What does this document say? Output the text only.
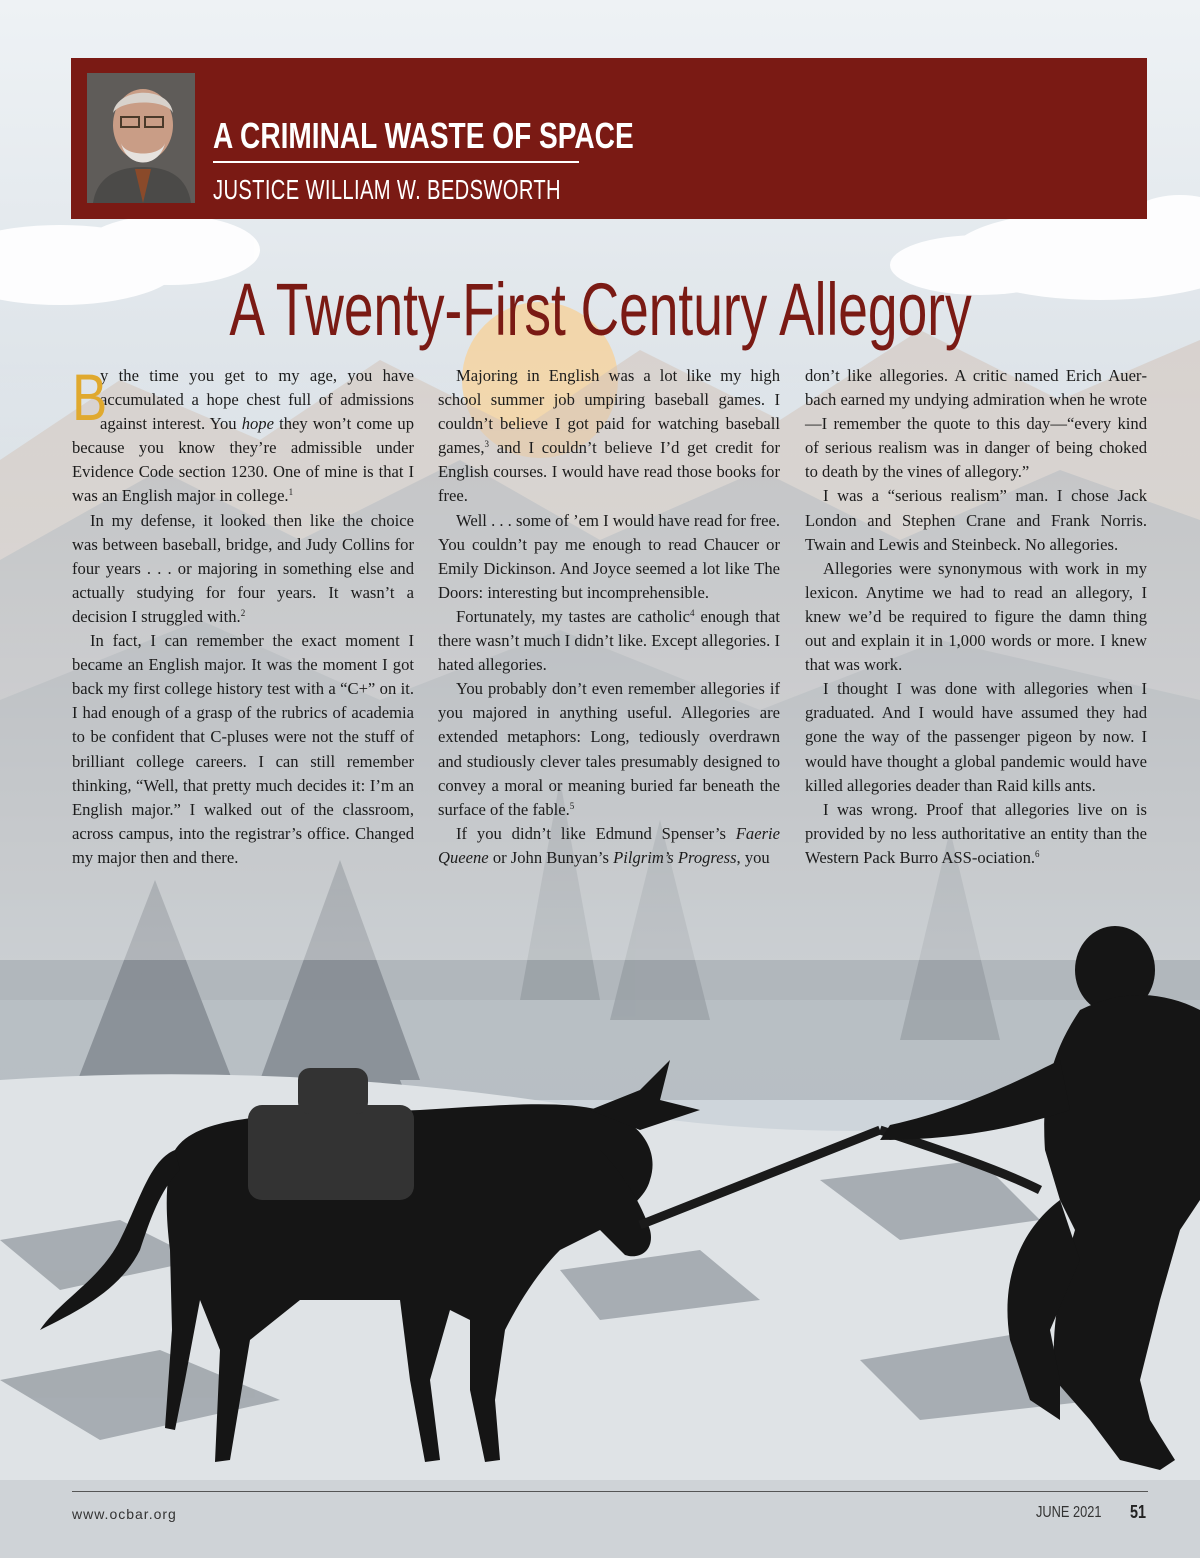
A CRIMINAL WASTE OF SPACE
JUSTICE WILLIAM W. BEDSWORTH
A Twenty-First Century Allegory

B
y the time you get to my age, you have accumulated a hope chest full of admissions against interest. You hope they won’t come up because you know they’re admissible under Evidence Code section 1230. One of mine is that I was an English major in college.$^1$

In my defense, it looked then like the choice was between baseball, bridge, and Judy Collins for four years . . . or majoring in something else and actually studying for four years. It wasn’t a decision I struggled with.$^2$

In fact, I can remember the exact moment I became an English major. It was the moment I got back my first college history test with a “C+” on it. I had enough of a grasp of the rubrics of academia to be confident that C-pluses were not the stuff of brilliant college careers. I can still remember thinking, “Well, that pretty much decides it: I’m an English major.” I walked out of the classroom, across campus, into the registrar’s office. Changed my major then and there.

Majoring in English was a lot like my high school summer job umpiring baseball games. I couldn’t believe I got paid for watching baseball games,$^3$ and I couldn’t believe I’d get credit for English courses. I would have read those books for free.

Well . . . some of ’em I would have read for free. You couldn’t pay me enough to read Chaucer or Emily Dickinson. And Joyce seemed a lot like The Doors: interesting but incomprehensible.

Fortunately, my tastes are catholic$^4$ enough that there wasn’t much I didn’t like. Except allegories. I hated allegories.

You probably don’t even remember allegories if you majored in anything useful. Allegories are extended metaphors: Long, tediously overdrawn and studiously clever tales presumably designed to convey a moral or meaning buried far beneath the surface of the fable.$^5$

If you didn’t like Edmund Spenser’s Faerie Queene or John Bunyan’s Pilgrim’s Progress, you

don’t like allegories. A critic named Erich Auerbach earned my undying admiration when he wrote—I remember the quote to this day—“every kind of serious realism was in danger of being choked to death by the vines of allegory.”

I was a “serious realism” man. I chose Jack London and Stephen Crane and Frank Norris. Twain and Lewis and Steinbeck. No allegories.

Allegories were synonymous with work in my lexicon. Anytime we had to read an allegory, I knew we’d be required to figure the damn thing out and explain it in 1,000 words or more. I knew that was work.

I thought I was done with allegories when I graduated. And I would have assumed they had gone the way of the passenger pigeon by now. I would have thought a global pandemic would have killed allegories deader than Raid kills ants.

I was wrong. Proof that allegories live on is provided by no less authoritative an entity than the Western Pack Burro ASS-ociation.$^6$

www.ocbar.org	JUNE 2021 51
